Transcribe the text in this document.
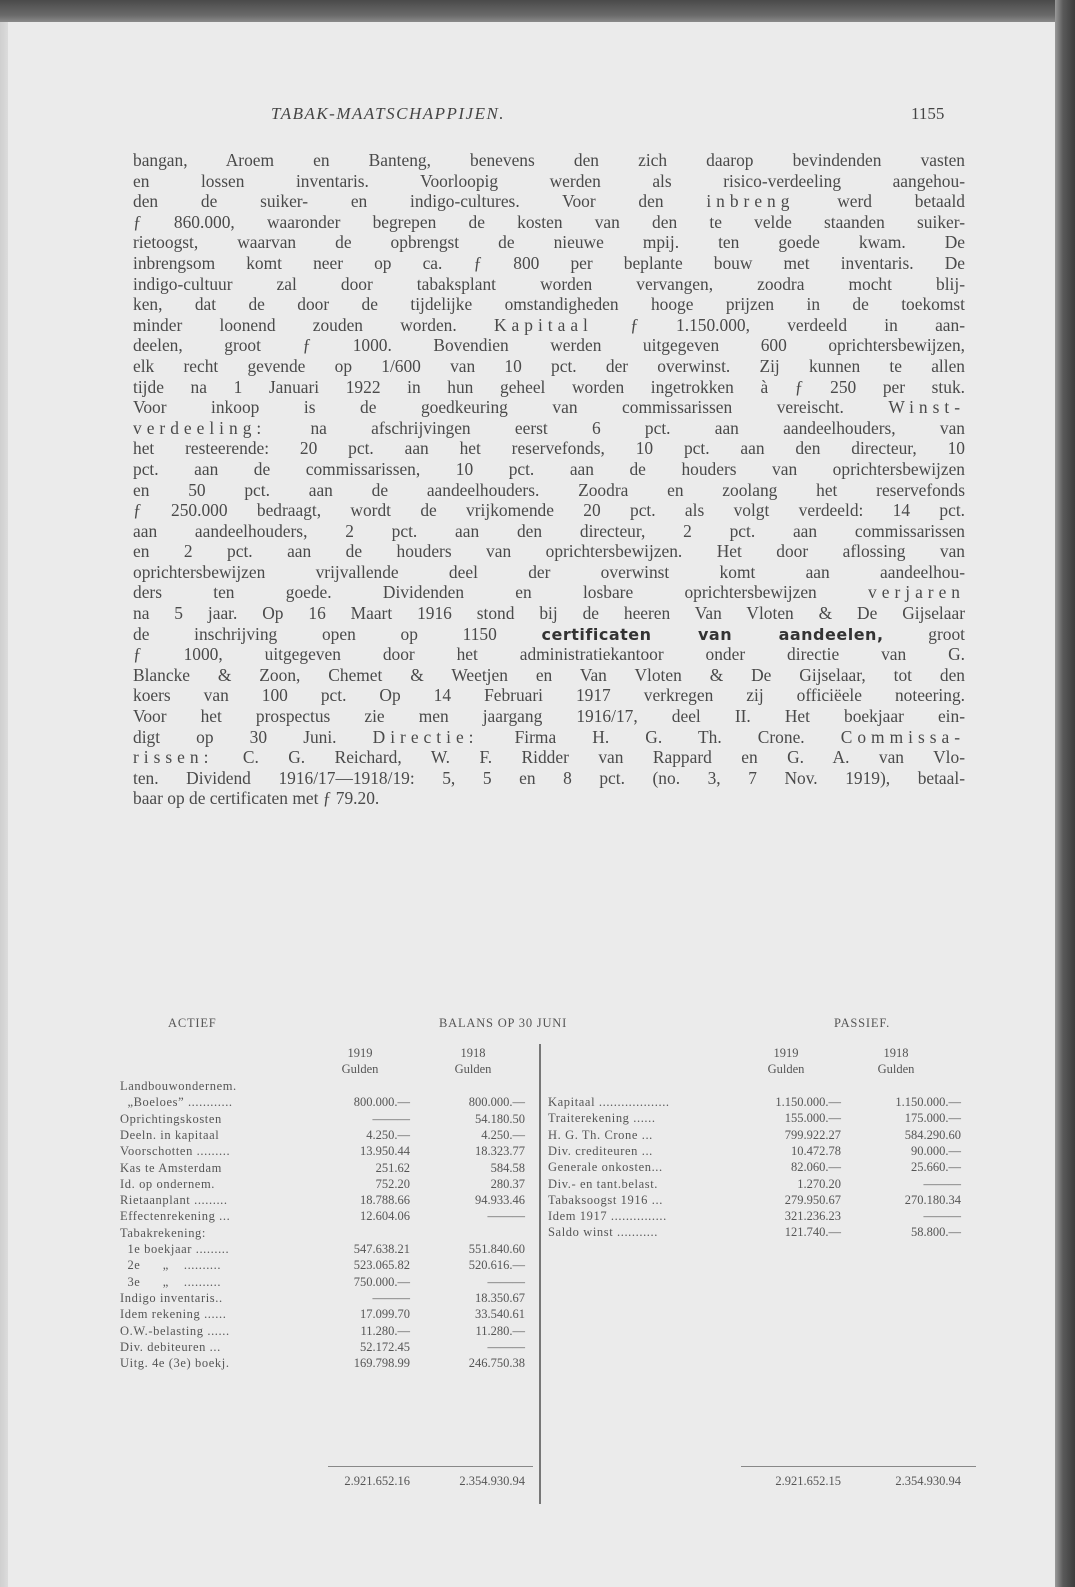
TABAK-MAATSCHAPPIJEN.	1155
bangan, Aroem en Banteng, benevens den zich daarop bevindenden vasten
en lossen inventaris. Voorloopig werden als risico-verdeeling aangehou-
den de suiker- en indigo-cultures. Voor den inbreng werd betaald
ƒ 860.000, waaronder begrepen de kosten van den te velde staanden suiker-
rietoogst, waarvan de opbrengst de nieuwe mpij. ten goede kwam. De
inbrengsom komt neer op ca. ƒ 800 per beplante bouw met inventaris. De
indigo-cultuur zal door tabaksplant worden vervangen, zoodra mocht blij-
ken, dat de door de tijdelijke omstandigheden hooge prijzen in de toekomst
minder loonend zouden worden. Kapitaal ƒ 1.150.000, verdeeld in aan-
deelen, groot ƒ 1000. Bovendien werden uitgegeven 600 oprichtersbewijzen,
elk recht gevende op 1/600 van 10 pct. der overwinst. Zij kunnen te allen
tijde na 1 Januari 1922 in hun geheel worden ingetrokken à ƒ 250 per stuk.
Voor inkoop is de goedkeuring van commissarissen vereischt. Winst-
verdeeling: na afschrijvingen eerst 6 pct. aan aandeelhouders, van
het resteerende: 20 pct. aan het reservefonds, 10 pct. aan den directeur, 10
pct. aan de commissarissen, 10 pct. aan de houders van oprichtersbewijzen
en 50 pct. aan de aandeelhouders. Zoodra en zoolang het reservefonds
ƒ 250.000 bedraagt, wordt de vrijkomende 20 pct. als volgt verdeeld: 14 pct.
aan aandeelhouders, 2 pct. aan den directeur, 2 pct. aan commissarissen
en 2 pct. aan de houders van oprichtersbewijzen. Het door aflossing van
oprichtersbewijzen vrijvallende deel der overwinst komt aan aandeelhou-
ders ten goede. Dividenden en losbare oprichtersbewijzen verjaren
na 5 jaar. Op 16 Maart 1916 stond bij de heeren Van Vloten & De Gijselaar
de inschrijving open op 1150 certificaten van aandeelen, groot
ƒ 1000, uitgegeven door het administratiekantoor onder directie van G.
Blancke & Zoon, Chemet & Weetjen en Van Vloten & De Gijselaar, tot den
koers van 100 pct. Op 14 Februari 1917 verkregen zij officiëele noteering.
Voor het prospectus zie men jaargang 1916/17, deel II. Het boekjaar ein-
digt op 30 Juni. Directie: Firma H. G. Th. Crone. Commissa-
rissen: C. G. Reichard, W. F. Ridder van Rappard en G. A. van Vlo-
ten. Dividend 1916/17—1918/19: 5, 5 en 8 pct. (no. 3, 7 Nov. 1919), betaal-
baar op de certificaten met ƒ 79.20.
ACTIEF	BALANS OP 30 JUNI	PASSIEF.
1919
Gulden
1918
Gulden
1919
Gulden
1918
Gulden
Landbouwondernem.
„Boeloes” ............	800.000.—	800.000.—
Oprichtingskosten	———	54.180.50
Deeln. in kapitaal	4.250.—	4.250.—
Voorschotten .........	13.950.44	18.323.77
Kas te Amsterdam	251.62	584.58
Id. op ondernem.	752.20	280.37
Rietaanplant .........	18.788.66	94.933.46
Effectenrekening ...	12.604.06	———
Tabakrekening:
1e boekjaar .........	547.638.21	551.840.60
2e      „    ..........	523.065.82	520.616.—
3e      „    ..........	750.000.—	———
Indigo inventaris..	———	18.350.67
Idem rekening ......	17.099.70	33.540.61
O.W.-belasting ......	11.280.—	11.280.—
Div. debiteuren ...	52.172.45	———
Uitg. 4e (3e) boekj.	169.798.99	246.750.38
Kapitaal ...................	1.150.000.—	1.150.000.—
Traiterekening ......	155.000.—	175.000.—
H. G. Th. Crone ...	799.922.27	584.290.60
Div. crediteuren ...	10.472.78	90.000.—
Generale onkosten...	82.060.—	25.660.—
Div.- en tant.belast.	1.270.20	———
Tabaksoogst 1916 ...	279.950.67	270.180.34
Idem 1917 ...............	321.236.23	———
Saldo winst ...........	121.740.—	58.800.—
2.921.652.16	2.354.930.94	2.921.652.15	2.354.930.94
